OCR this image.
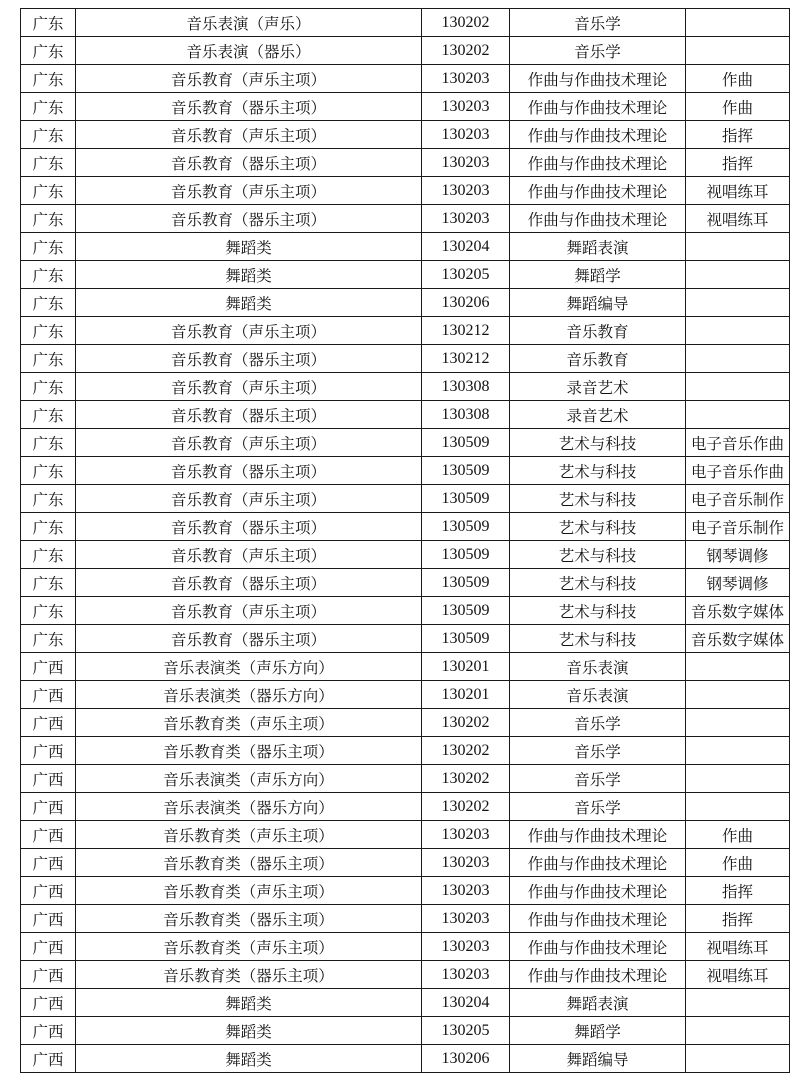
广东	音乐表演（声乐）	130202	音乐学	
广东	音乐表演（器乐）	130202	音乐学	
广东	音乐教育（声乐主项）	130203	作曲与作曲技术理论	作曲
广东	音乐教育（器乐主项）	130203	作曲与作曲技术理论	作曲
广东	音乐教育（声乐主项）	130203	作曲与作曲技术理论	指挥
广东	音乐教育（器乐主项）	130203	作曲与作曲技术理论	指挥
广东	音乐教育（声乐主项）	130203	作曲与作曲技术理论	视唱练耳
广东	音乐教育（器乐主项）	130203	作曲与作曲技术理论	视唱练耳
广东	舞蹈类	130204	舞蹈表演	
广东	舞蹈类	130205	舞蹈学	
广东	舞蹈类	130206	舞蹈编导	
广东	音乐教育（声乐主项）	130212	音乐教育	
广东	音乐教育（器乐主项）	130212	音乐教育	
广东	音乐教育（声乐主项）	130308	录音艺术	
广东	音乐教育（器乐主项）	130308	录音艺术	
广东	音乐教育（声乐主项）	130509	艺术与科技	电子音乐作曲
广东	音乐教育（器乐主项）	130509	艺术与科技	电子音乐作曲
广东	音乐教育（声乐主项）	130509	艺术与科技	电子音乐制作
广东	音乐教育（器乐主项）	130509	艺术与科技	电子音乐制作
广东	音乐教育（声乐主项）	130509	艺术与科技	钢琴调修
广东	音乐教育（器乐主项）	130509	艺术与科技	钢琴调修
广东	音乐教育（声乐主项）	130509	艺术与科技	音乐数字媒体
广东	音乐教育（器乐主项）	130509	艺术与科技	音乐数字媒体
广西	音乐表演类（声乐方向）	130201	音乐表演	
广西	音乐表演类（器乐方向）	130201	音乐表演	
广西	音乐教育类（声乐主项）	130202	音乐学	
广西	音乐教育类（器乐主项）	130202	音乐学	
广西	音乐表演类（声乐方向）	130202	音乐学	
广西	音乐表演类（器乐方向）	130202	音乐学	
广西	音乐教育类（声乐主项）	130203	作曲与作曲技术理论	作曲
广西	音乐教育类（器乐主项）	130203	作曲与作曲技术理论	作曲
广西	音乐教育类（声乐主项）	130203	作曲与作曲技术理论	指挥
广西	音乐教育类（器乐主项）	130203	作曲与作曲技术理论	指挥
广西	音乐教育类（声乐主项）	130203	作曲与作曲技术理论	视唱练耳
广西	音乐教育类（器乐主项）	130203	作曲与作曲技术理论	视唱练耳
广西	舞蹈类	130204	舞蹈表演	
广西	舞蹈类	130205	舞蹈学	
广西	舞蹈类	130206	舞蹈编导	
